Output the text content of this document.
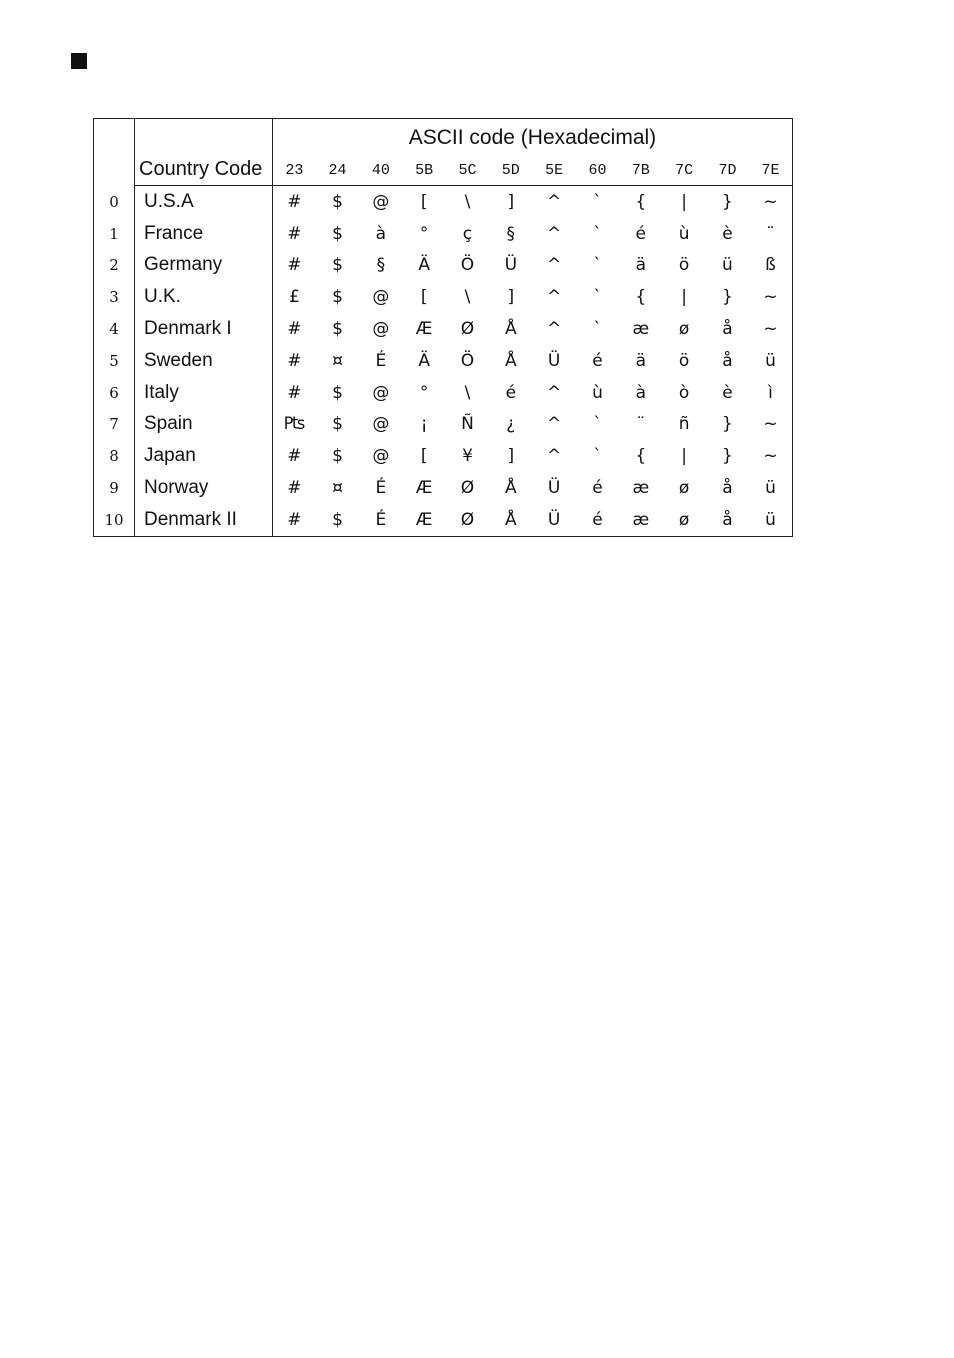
		ASCII code (Hexadecimal)											
	Country Code	23	24	40	5B	5C	5D	5E	60	7B	7C	7D	7E
0	U.S.A	#	$	@	[	\	]	^	`	{	|	}	~
1	France	#	$	à	°	ç	§	^	`	é	ù	è	¨
2	Germany	#	$	§	Ä	Ö	Ü	^	`	ä	ö	ü	ß
3	U.K.	£	$	@	[	\	]	^	`	{	|	}	~
4	Denmark I	#	$	@	Æ	Ø	Å	^	`	æ	ø	å	~
5	Sweden	#	¤	É	Ä	Ö	Å	Ü	é	ä	ö	å	ü
6	Italy	#	$	@	°	\	é	^	ù	à	ò	è	ì
7	Spain	₧	$	@	¡	Ñ	¿	^	`	¨	ñ	}	~
8	Japan	#	$	@	[	¥	]	^	`	{	|	}	~
9	Norway	#	¤	É	Æ	Ø	Å	Ü	é	æ	ø	å	ü
10	Denmark II	#	$	É	Æ	Ø	Å	Ü	é	æ	ø	å	ü
